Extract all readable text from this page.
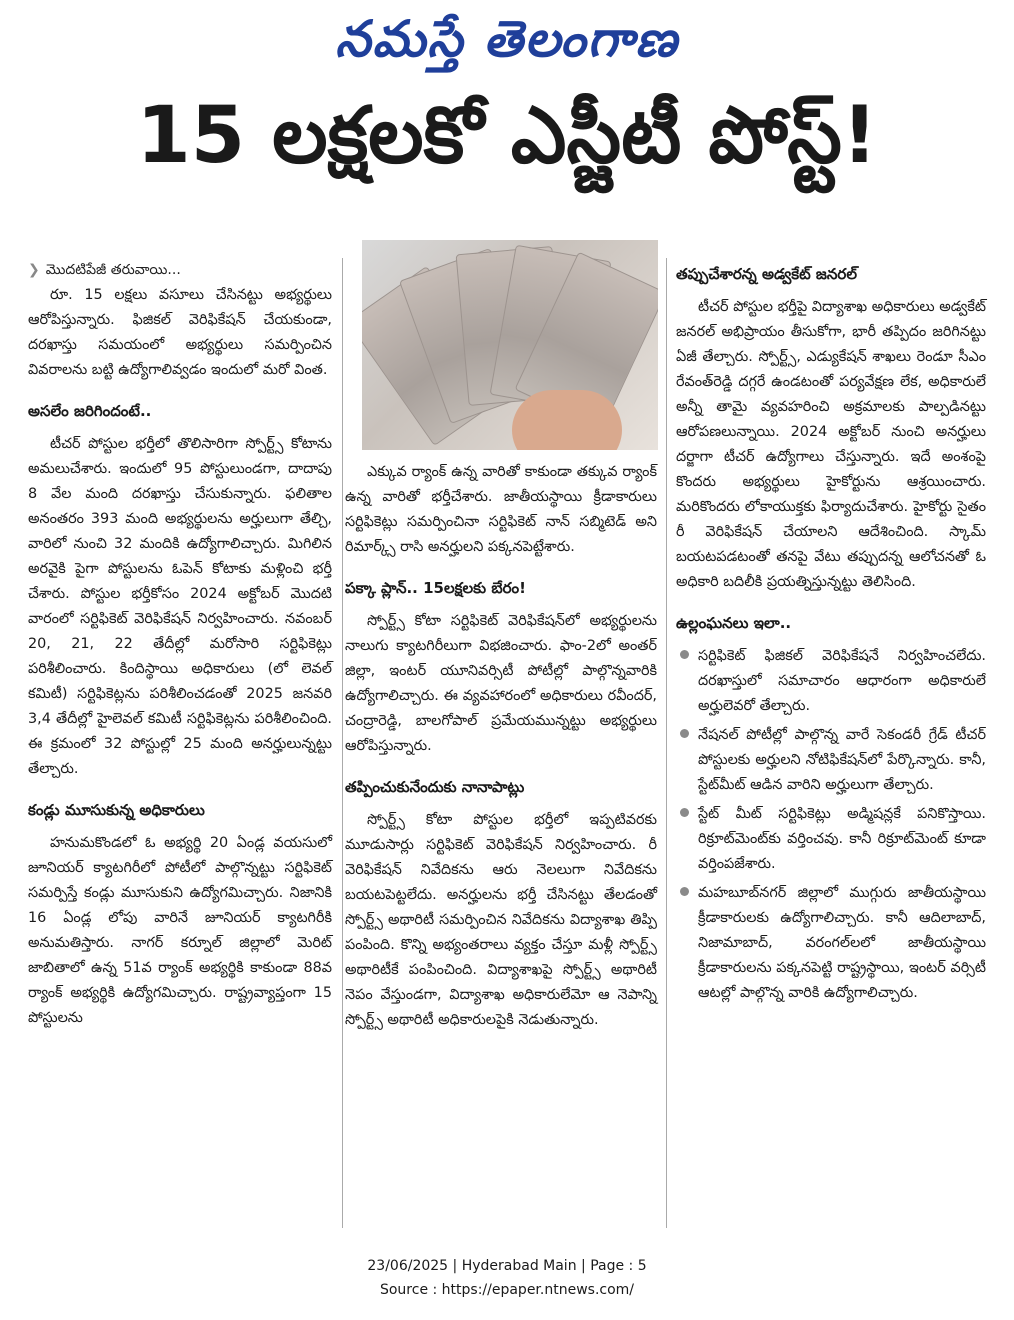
నమస్తే తెలంగాణ
15 లక్షలకో ఎస్జీటీ పోస్ట్!

❯ మొదటిపేజీ తరువాయి...

రూ. 15 లక్షలు వసూలు చేసినట్టు అభ్యర్థులు ఆరోపిస్తున్నారు. ఫిజికల్ వెరిఫికేషన్ చేయకుండా, దరఖాస్తు సమయంలో అభ్యర్థులు సమర్పించిన వివరాలను బట్టి ఉద్యోగాలివ్వడం ఇందులో మరో వింత.

అసలేం జరిగిందంటే..

టీచర్ పోస్టుల భర్తీలో తొలిసారిగా స్పోర్ట్స్ కోటాను అమలుచేశారు. ఇందులో 95 పోస్టులుండగా, దాదాపు 8 వేల మంది దరఖాస్తు చేసుకున్నారు. ఫలితాల అనంతరం 393 మంది అభ్యర్థులను అర్హులుగా తేల్చి, వారిలో నుంచి 32 మందికి ఉద్యోగాలిచ్చారు. మిగిలిన అరవైకి పైగా పోస్టులను ఓపెన్ కోటాకు మళ్లించి భర్తీ చేశారు. పోస్టుల భర్తీకోసం 2024 అక్టోబర్ మొదటి వారంలో సర్టిఫికెట్ వెరిఫికేషన్ నిర్వహించారు. నవంబర్ 20, 21, 22 తేదీల్లో మరోసారి సర్టిఫికెట్లు పరిశీలించారు. కిందిస్థాయి అధికారులు (లో లెవల్ కమిటీ) సర్టిఫికెట్లను పరిశీలించడంతో 2025 జనవరి 3,4 తేదీల్లో హైలెవల్ కమిటీ సర్టిఫికెట్లను పరిశీలించింది. ఈ క్రమంలో 32 పోస్టుల్లో 25 మంది అనర్హులున్నట్టు తేల్చారు.

కండ్లు మూసుకున్న అధికారులు

హనుమకొండలో ఓ అభ్యర్థి 20 ఏండ్ల వయసులో జూనియర్ క్యాటగిరీలో పోటీలో పాల్గొన్నట్టు సర్టిఫికెట్ సమర్పిస్తే కండ్లు మూసుకుని ఉద్యోగమిచ్చారు. నిజానికి 16 ఏండ్ల లోపు వారినే జూనియర్ క్యాటగిరీకి అనుమతిస్తారు. నాగర్ కర్నూల్ జిల్లాలో మెరిట్ జాబితాలో ఉన్న 51వ ర్యాంక్ అభ్యర్థికి కాకుండా 88వ ర్యాంక్ అభ్యర్థికి ఉద్యోగమిచ్చారు. రాష్ట్రవ్యాప్తంగా 15 పోస్టులను

ఎక్కువ ర్యాంక్ ఉన్న వారితో కాకుండా తక్కువ ర్యాంక్ ఉన్న వారితో భర్తీచేశారు. జాతీయస్థాయి క్రీడాకారులు సర్టిఫికెట్లు సమర్పించినా సర్టిఫికెట్ నాన్ సబ్మిటెడ్ అని రిమార్క్స్ రాసి అనర్హులని పక్కనపెట్టేశారు.

పక్కా ప్లాన్.. 15లక్షలకు బేరం!

స్పోర్ట్స్ కోటా సర్టిఫికెట్ వెరిఫికేషన్‌లో అభ్యర్థులను నాలుగు క్యాటగిరీలుగా విభజించారు. ఫాం-2లో అంతర్ జిల్లా, ఇంటర్ యూనివర్సిటీ పోటీల్లో పాల్గొన్నవారికి ఉద్యోగాలిచ్చారు. ఈ వ్యవహారంలో అధికారులు రవీందర్, చంద్రారెడ్డి, బాలగోపాల్ ప్రమేయమున్నట్టు అభ్యర్థులు ఆరోపిస్తున్నారు.

తప్పించుకునేందుకు నానాపాట్లు

స్పోర్ట్స్ కోటా పోస్టుల భర్తీలో ఇప్పటివరకు మూడుసార్లు సర్టిఫికెట్ వెరిఫికేషన్ నిర్వహించారు. రీ వెరిఫికేషన్ నివేదికను ఆరు నెలలుగా నివేదికను బయటపెట్టలేదు. అనర్హులను భర్తీ చేసినట్టు తేలడంతో స్పోర్ట్స్ అథారిటీ సమర్పించిన నివేదికను విద్యాశాఖ తిప్పి పంపింది. కొన్ని అభ్యంతరాలు వ్యక్తం చేస్తూ మళ్లీ స్పోర్ట్స్ అథారిటీకే పంపించింది. విద్యాశాఖపై స్పోర్ట్స్ అథారిటీ నెపం వేస్తుండగా, విద్యాశాఖ అధికారులేమో ఆ నెపాన్ని స్పోర్ట్స్ అథారిటీ అధికారులపైకి నెడుతున్నారు.

తప్పుచేశారన్న అడ్వకేట్ జనరల్

టీచర్ పోస్టుల భర్తీపై విద్యాశాఖ అధికారులు అడ్వకేట్ జనరల్ అభిప్రాయం తీసుకోగా, భారీ తప్పిదం జరిగినట్టు ఏజీ తేల్చారు. స్పోర్ట్స్, ఎడ్యుకేషన్ శాఖలు రెండూ సీఎం రేవంత్‌రెడ్డి దగ్గరే ఉండటంతో పర్యవేక్షణ లేక, అధికారులే అన్నీ తామై వ్యవహరించి అక్రమాలకు పాల్పడినట్టు ఆరోపణలున్నాయి. 2024 అక్టోబర్ నుంచి అనర్హులు దర్జాగా టీచర్ ఉద్యోగాలు చేస్తున్నారు. ఇదే అంశంపై కొందరు అభ్యర్థులు హైకోర్టును ఆశ్రయించారు. మరికొందరు లోకాయుక్తకు ఫిర్యాదుచేశారు. హైకోర్టు సైతం రీ వెరిఫికేషన్ చేయాలని ఆదేశించింది. స్కామ్ బయటపడటంతో తనపై వేటు తప్పుదన్న ఆలోచనతో ఓ అధికారి బదిలీకి ప్రయత్నిస్తున్నట్టు తెలిసింది.

ఉల్లంఘనలు ఇలా..

సర్టిఫికెట్ ఫిజికల్ వెరిఫికేషనే నిర్వహించలేదు. దరఖాస్తులో సమాచారం ఆధారంగా అధికారులే అర్హులెవరో తేల్చారు.
నేషనల్ పోటీల్లో పాల్గొన్న వారే సెకండరీ గ్రేడ్ టీచర్ పోస్టులకు అర్హులని నోటిఫికేషన్‌లో పేర్కొన్నారు. కానీ, స్టేట్‌మీట్ ఆడిన వారిని అర్హులుగా తేల్చారు.
స్టేట్ మీట్ సర్టిఫికెట్లు అడ్మిషన్లకే పనికొస్తాయి. రిక్రూట్‌మెంట్‌కు వర్తించవు. కానీ రిక్రూట్‌మెంట్ కూడా వర్తింపజేశారు.
మహబూబ్‌నగర్ జిల్లాలో ముగ్గురు జాతీయస్థాయి క్రీడాకారులకు ఉద్యోగాలిచ్చారు. కానీ ఆదిలాబాద్, నిజామాబాద్, వరంగల్‌లలో జాతీయస్థాయి క్రీడాకారులను పక్కనపెట్టి రాష్ట్రస్థాయి, ఇంటర్ వర్సిటీ ఆటల్లో పాల్గొన్న వారికి ఉద్యోగాలిచ్చారు.
23/06/2025 | Hyderabad Main | Page : 5
Source : https://epaper.ntnews.com/
